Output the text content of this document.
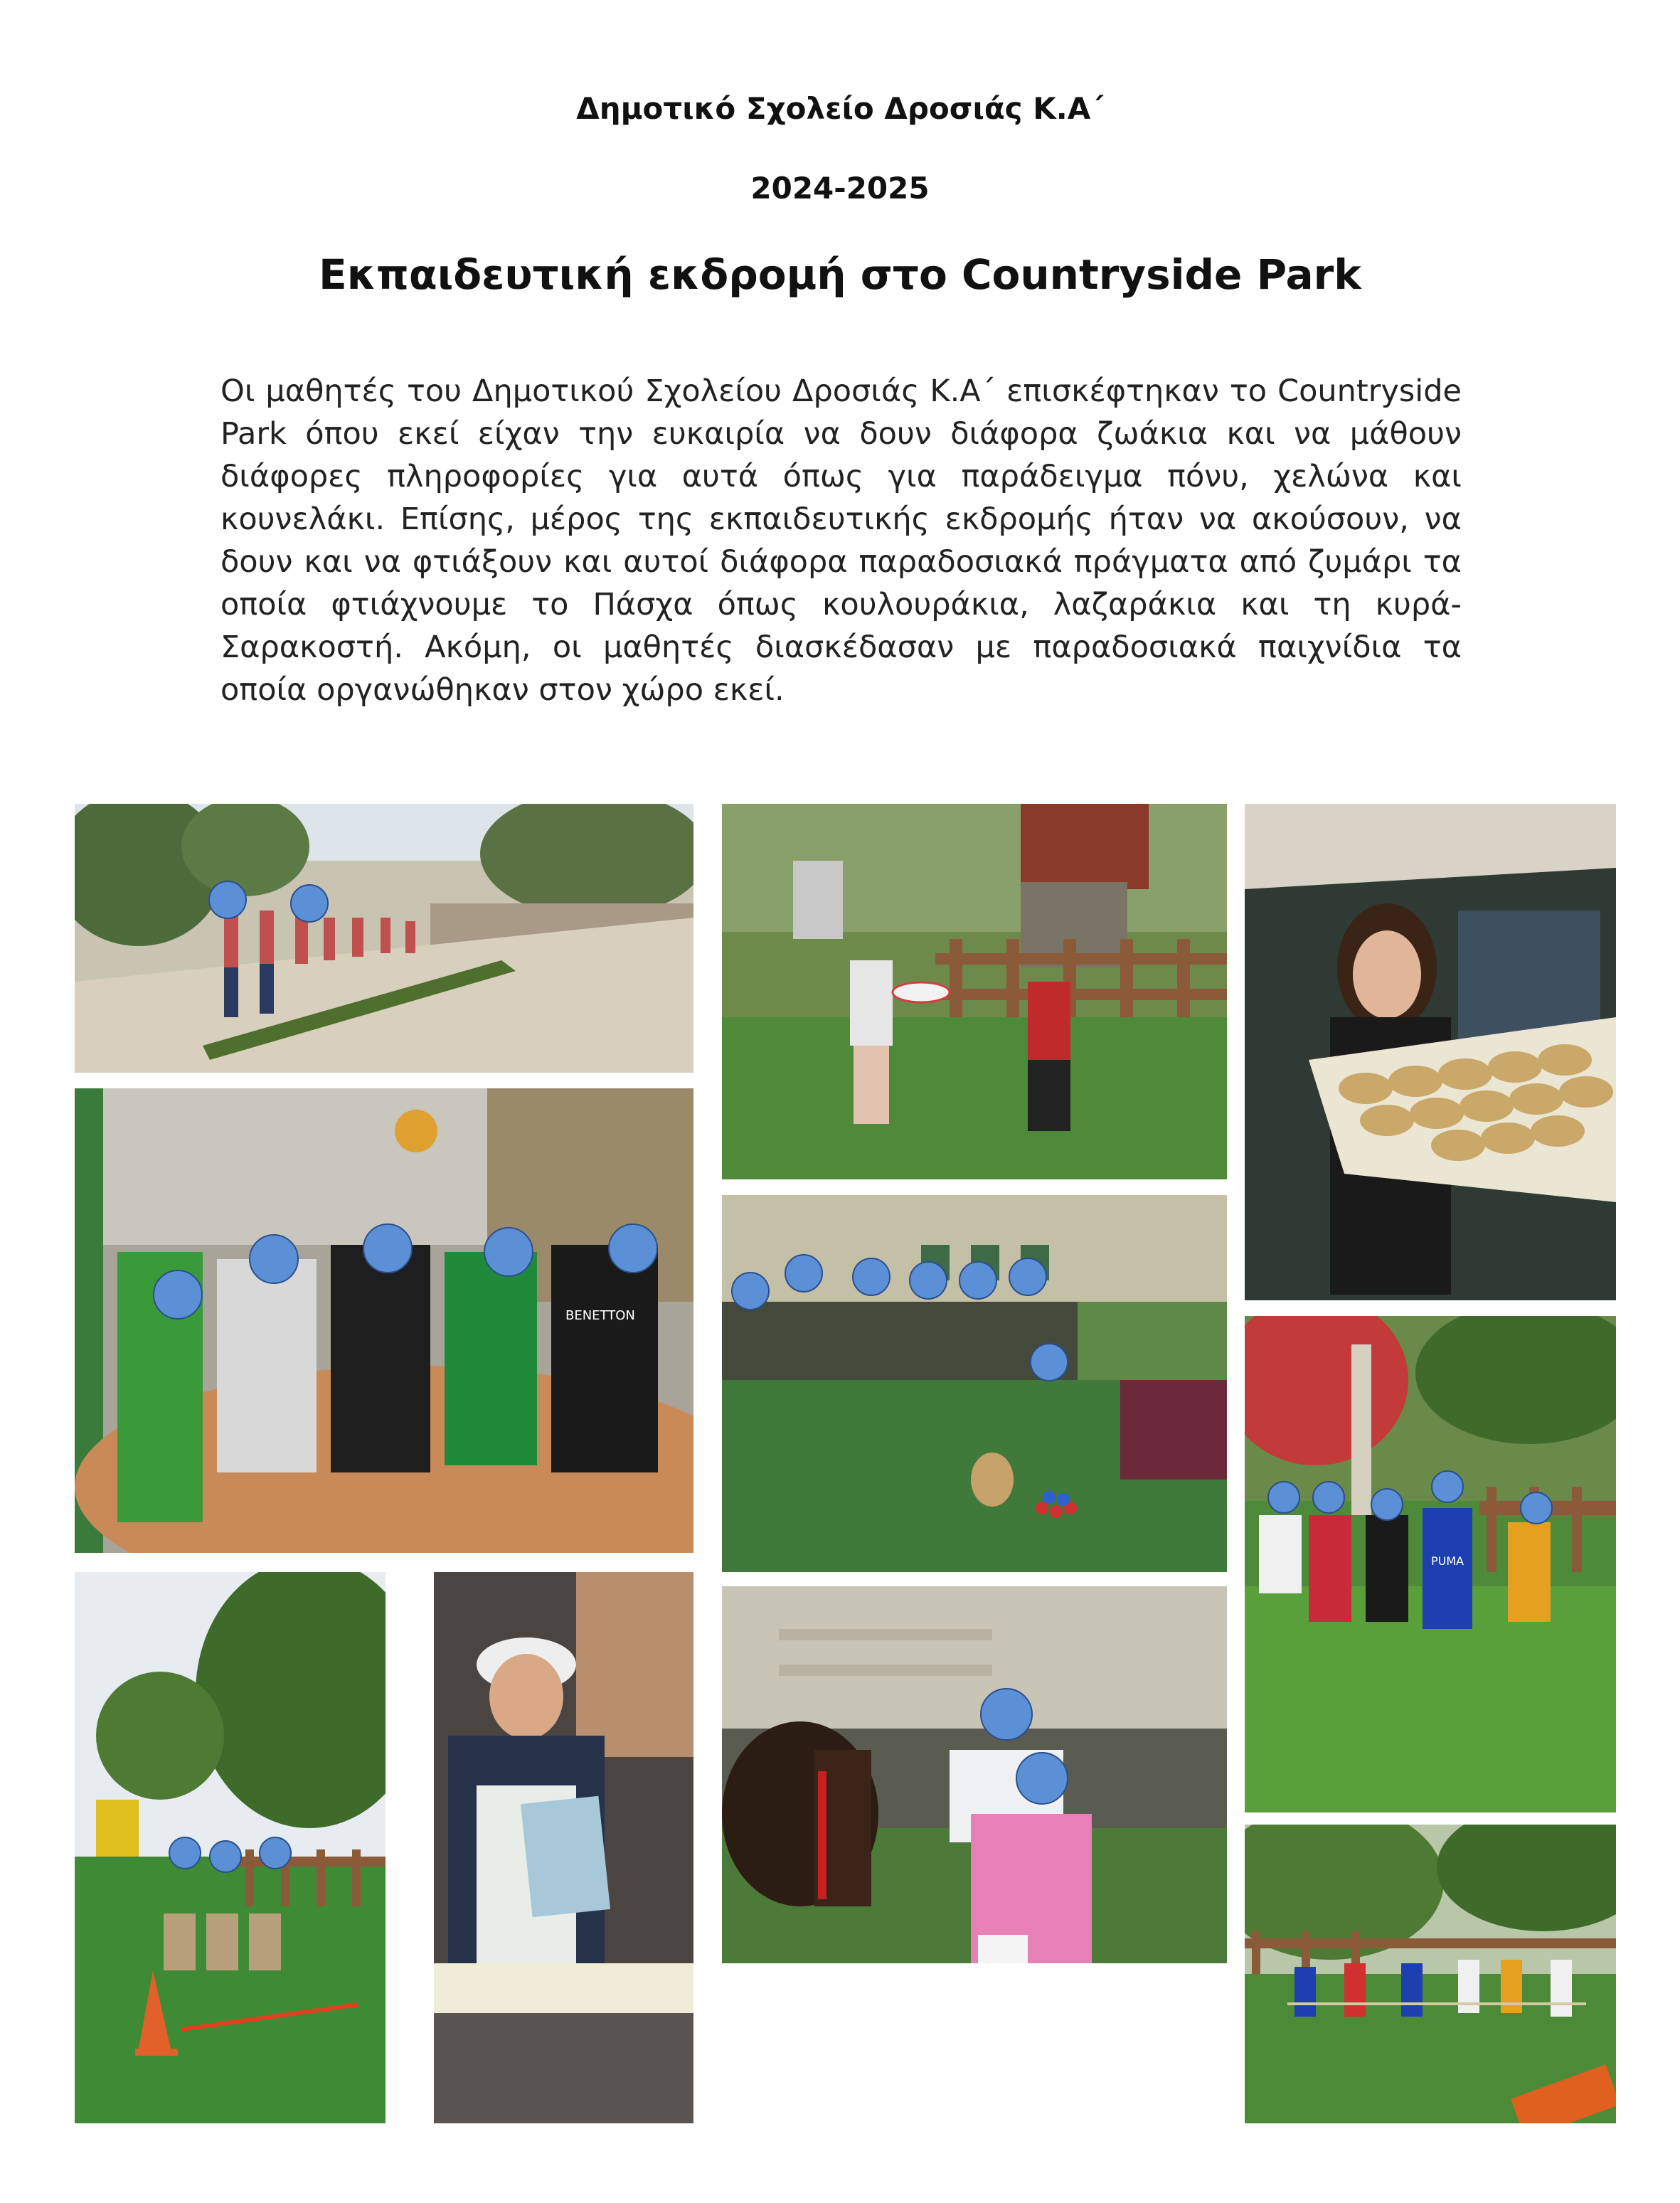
Δημοτικό Σχολείο Δροσιάς Κ.Α΄
2024-2025
Εκπαιδευτική εκδρομή στο Countryside Park
Οι μαθητές του Δημοτικού Σχολείου Δροσιάς Κ.Α΄ επισκέφτηκαν το Countryside Park όπου εκεί είχαν την ευκαιρία να δουν διάφορα ζωάκια και να μάθουν διάφορες πληροφορίες για αυτά όπως για παράδειγμα πόνυ, χελώνα και κουνελάκι. Επίσης, μέρος της εκπαιδευτικής εκδρομής ήταν να ακούσουν, να δουν και να φτιάξουν και αυτοί διάφορα παραδοσιακά πράγματα από ζυμάρι τα οποία φτιάχνουμε το Πάσχα όπως κουλουράκια, λαζαράκια και τη κυρά-Σαρακοστή. Ακόμη, οι μαθητές διασκέδασαν με παραδοσιακά παιχνίδια τα οποία οργανώθηκαν στον χώρο εκεί.
BENETTON
PUMA
